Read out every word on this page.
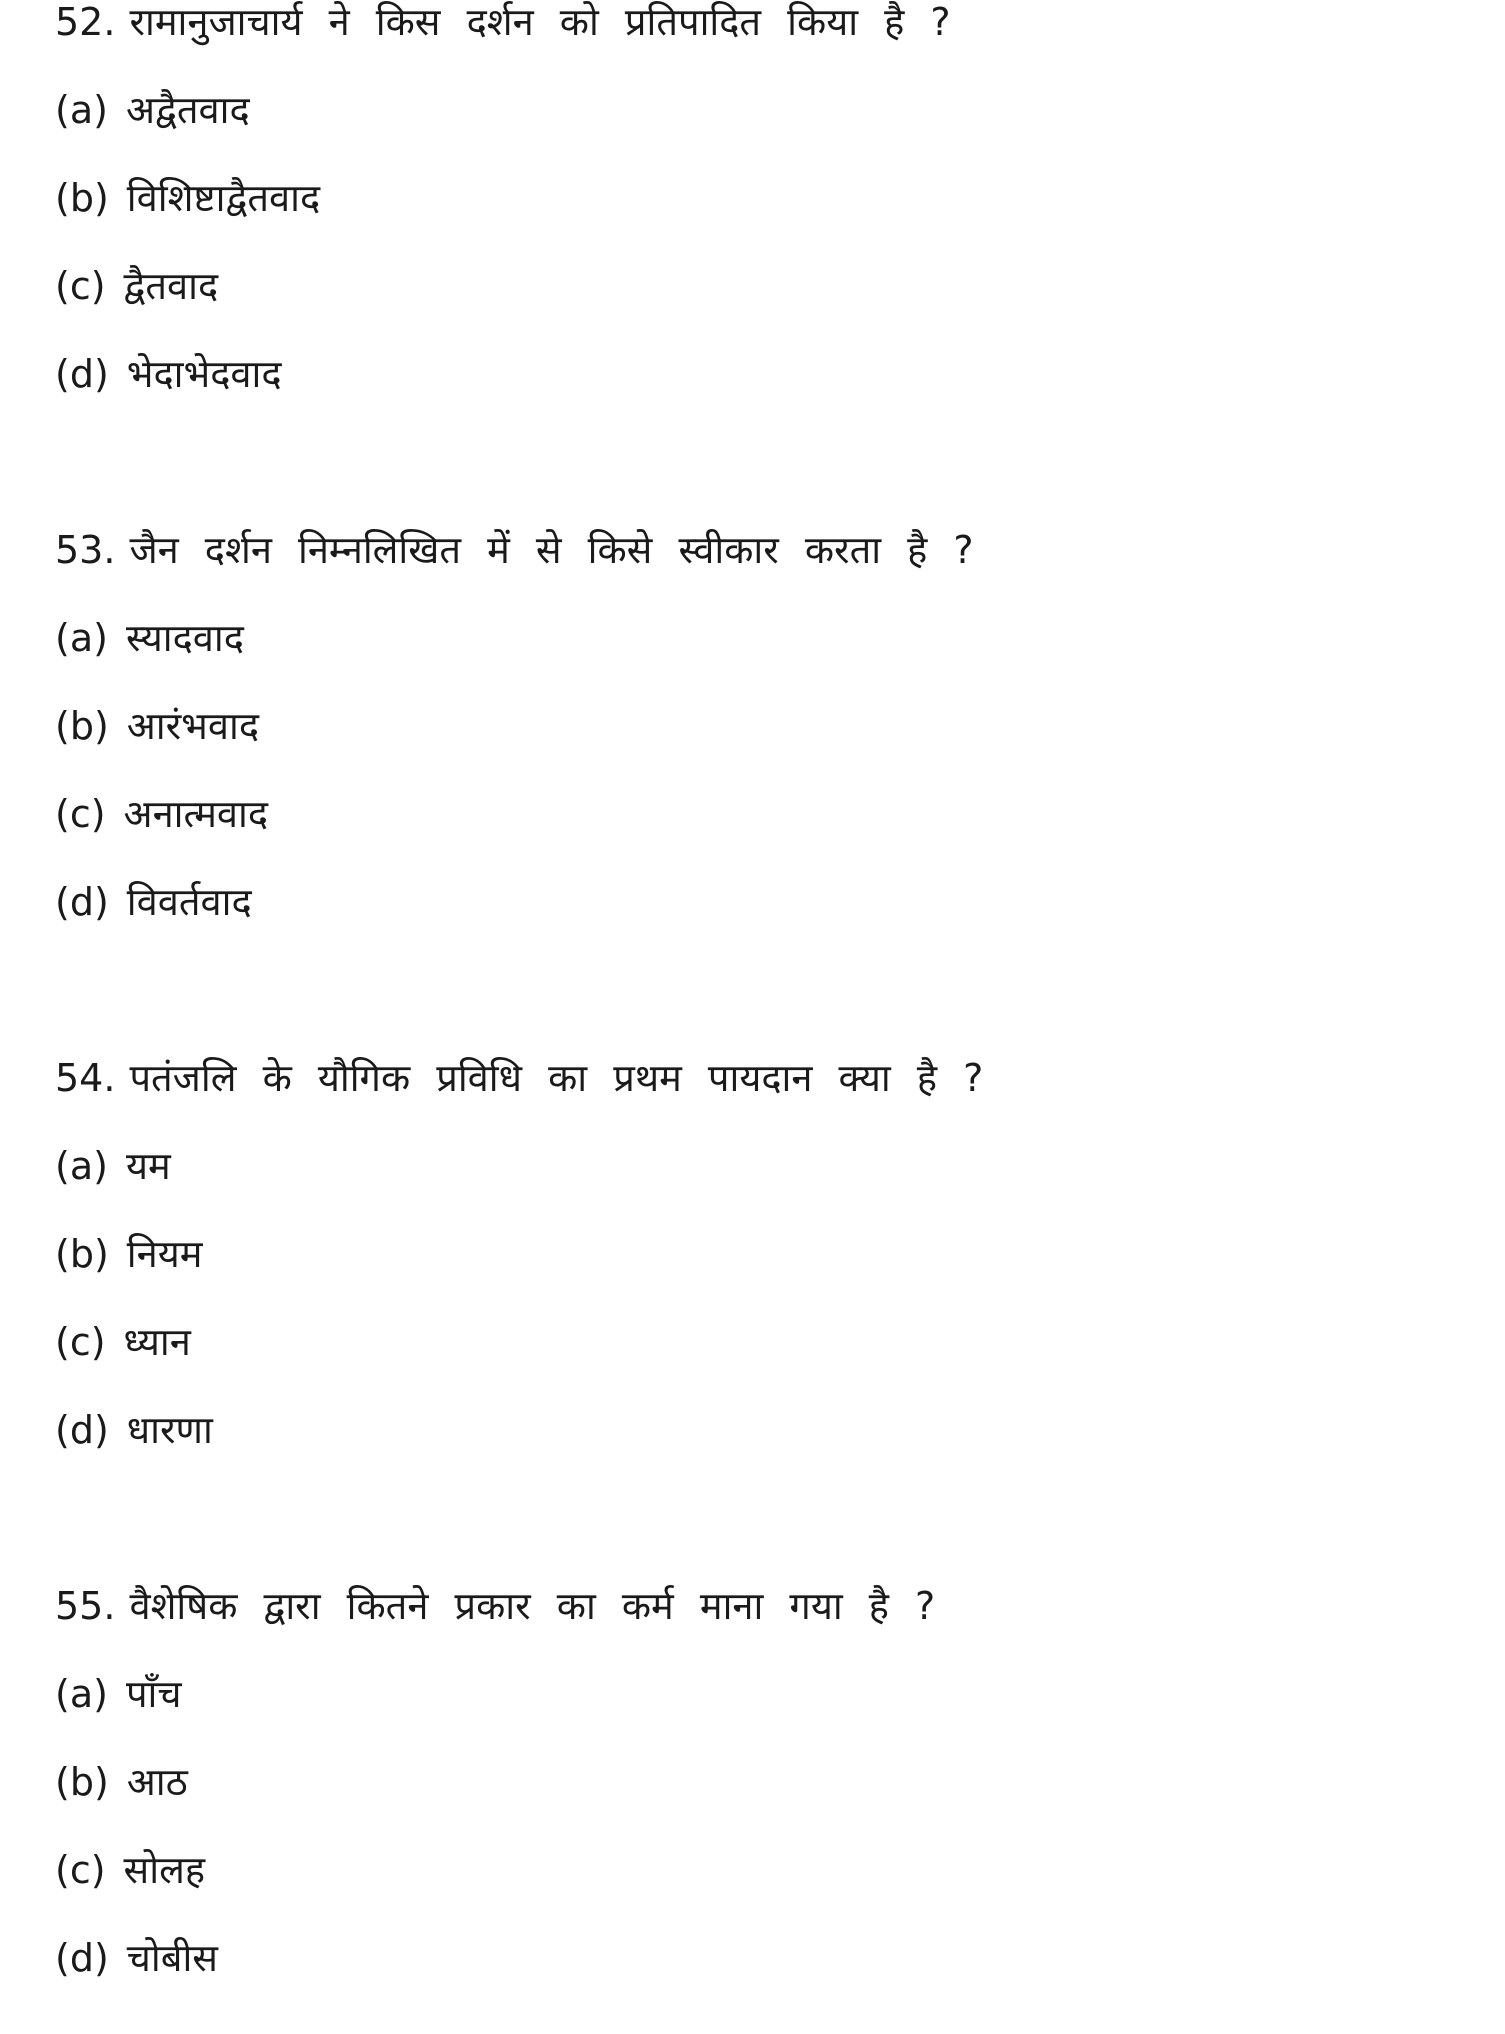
52. रामानुजाचार्य ने किस दर्शन को प्रतिपादित किया है ?
(a) अद्वैतवाद
(b) विशिष्टाद्वैतवाद
(c) द्वैतवाद
(d) भेदाभेदवाद
53. जैन दर्शन निम्नलिखित में से किसे स्वीकार करता है ?
(a) स्यादवाद
(b) आरंभवाद
(c) अनात्मवाद
(d) विवर्तवाद
54. पतंजलि के यौगिक प्रविधि का प्रथम पायदान क्या है ?
(a) यम
(b) नियम
(c) ध्यान
(d) धारणा
55. वैशेषिक द्वारा कितने प्रकार का कर्म माना गया है ?
(a) पाँच
(b) आठ
(c) सोलह
(d) चोबीस
